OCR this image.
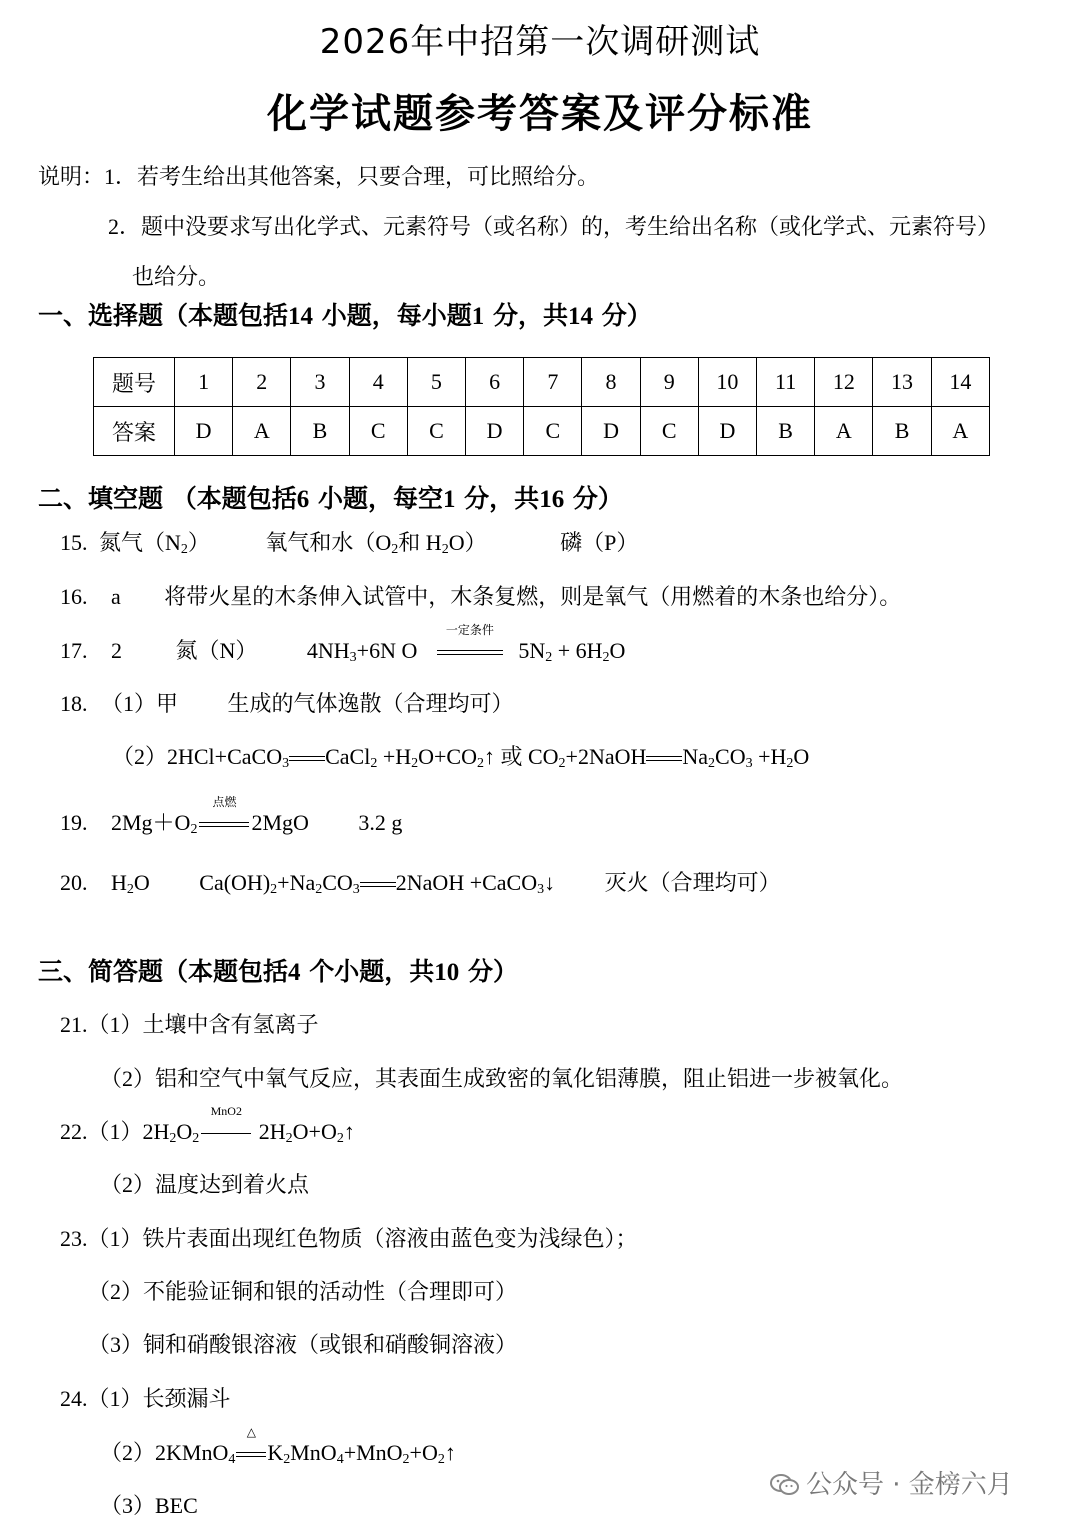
2026年中招第一次调研测试
化学试题参考答案及评分标准
说明：1．若考生给出其他答案，只要合理，可比照给分。
2．题中没要求写出化学式、元素符号（或名称）的，考生给出名称（或化学式、元素符号）
也给分。
一、选择题（本题包括14 小题，每小题1 分，共14 分）
题号	1	2	3	4	5	6	7	8	9	10	11	12	13	14
答案	D	A	B	C	C	D	C	D	C	D	B	A	B	A
二、填空题 （本题包括6 小题，每空1 分，共16 分）
15. 氮气$(N_2)$	氧气和水（$O_2$和 $H_2O$）	磷（P）
16. a 将带火星的木条伸入试管中，木条复燃，则是氧气（用燃着的木条也给分）。
17. 2 氮（N） $4NH_3+6N$ O
一定条件
$5N_2 + 6H_2O$
18. （1）甲 生成的气体逸散（合理均可）
（2）2HCl+CaCO$_3$ CaCl$_2$ $+H_2O+CO_2↑$ 或 $CO_2+2NaOH$ $Na_2CO_3 +H_2O$
19. $2Mg+O_2$
点燃
2MgO 3.2 g
20. $H_2O$ $Ca(OH)_2+Na_2CO_3$ 2NaOH +CaCO$_3$↓ 灭火（合理均可）
三、简答题（本题包括4 个小题，共10 分）
21.（1）土壤中含有氢离子
（2）铝和空气中氧气反应，其表面生成致密的氧化铝薄膜，阻止铝进一步被氧化。
$22.(1)2H_2O_2$
MnO2
$2H_2O+O_2↑$
（2）温度达到着火点
23.（1）铁片表面出现红色物质（溶液由蓝色变为浅绿色）；
（2）不能验证铜和银的活动性（合理即可）
（3）铜和硝酸银溶液（或银和硝酸铜溶液）
24.（1）长颈漏斗
（2）2KMnO$_4$
△
$K_2MnO_4+MnO_2+O_2↑$
（3）BEC
公众号 · 金榜六月
